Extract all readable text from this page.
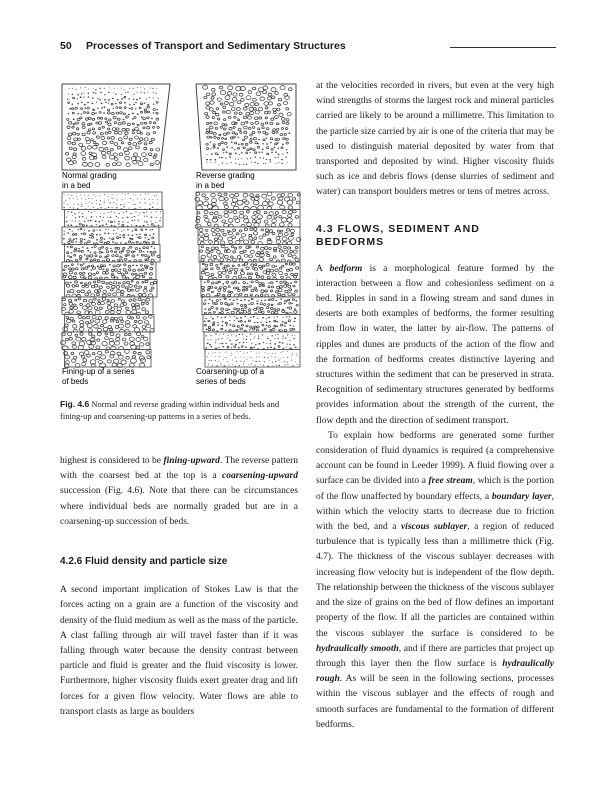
50 Processes of Transport and Sedimentary Structures
Normal grading
in a bed
Reverse grading
in a bed
Fining-up of a series
of beds
Coarsening-up of a
series of beds
Fig. 4.6 Normal and reverse grading within individual beds and fining-up and coarsening-up patterns in a series of beds.

highest is considered to be fining-upward. The reverse pattern with the coarsest bed at the top is a coarsening-upward succession (Fig. 4.6). Note that there can be circumstances where individual beds are normally graded but are in a coarsening-up succession of beds.

4.2.6 Fluid density and particle size

A second important implication of Stokes Law is that the forces acting on a grain are a function of the viscosity and density of the fluid medium as well as the mass of the particle. A clast falling through air will travel faster than if it was falling through water because the density contrast between particle and fluid is greater and the fluid viscosity is lower. Furthermore, higher viscosity fluids exert greater drag and lift forces for a given flow velocity. Water flows are able to transport clasts as large as boulders

at the velocities recorded in rivers, but even at the very high wind strengths of storms the largest rock and mineral particles carried are likely to be around a millimetre. This limitation to the particle size carried by air is one of the criteria that may be used to distinguish material deposited by water from that transported and deposited by wind. Higher viscosity fluids such as ice and debris flows (dense slurries of sediment and water) can transport boulders metres or tens of metres across.

4.3 FLOWS, SEDIMENT AND
BEDFORMS

A bedform is a morphological feature formed by the interaction between a flow and cohesionless sediment on a bed. Ripples in sand in a flowing stream and sand dunes in deserts are both examples of bedforms, the former resulting from flow in water, the latter by air-flow. The patterns of ripples and dunes are products of the action of the flow and the formation of bedforms creates distinctive layering and structures within the sediment that can be preserved in strata. Recognition of sedimentary structures generated by bedforms provides information about the strength of the current, the flow depth and the direction of sediment transport.

To explain how bedforms are generated some further consideration of fluid dynamics is required (a comprehensive account can be found in Leeder 1999). A fluid flowing over a surface can be divided into a free stream, which is the portion of the flow unaffected by boundary effects, a boundary layer, within which the velocity starts to decrease due to friction with the bed, and a viscous sublayer, a region of reduced turbulence that is typically less than a millimetre thick (Fig. 4.7). The thickness of the viscous sublayer decreases with increasing flow velocity but is independent of the flow depth. The relationship between the thickness of the viscous sublayer and the size of grains on the bed of flow defines an important property of the flow. If all the particles are contained within the viscous sublayer the surface is considered to be hydraulically smooth, and if there are particles that project up through this layer then the flow surface is hydraulically rough. As will be seen in the following sections, processes within the viscous sublayer and the effects of rough and smooth surfaces are fundamental to the formation of different bedforms.
